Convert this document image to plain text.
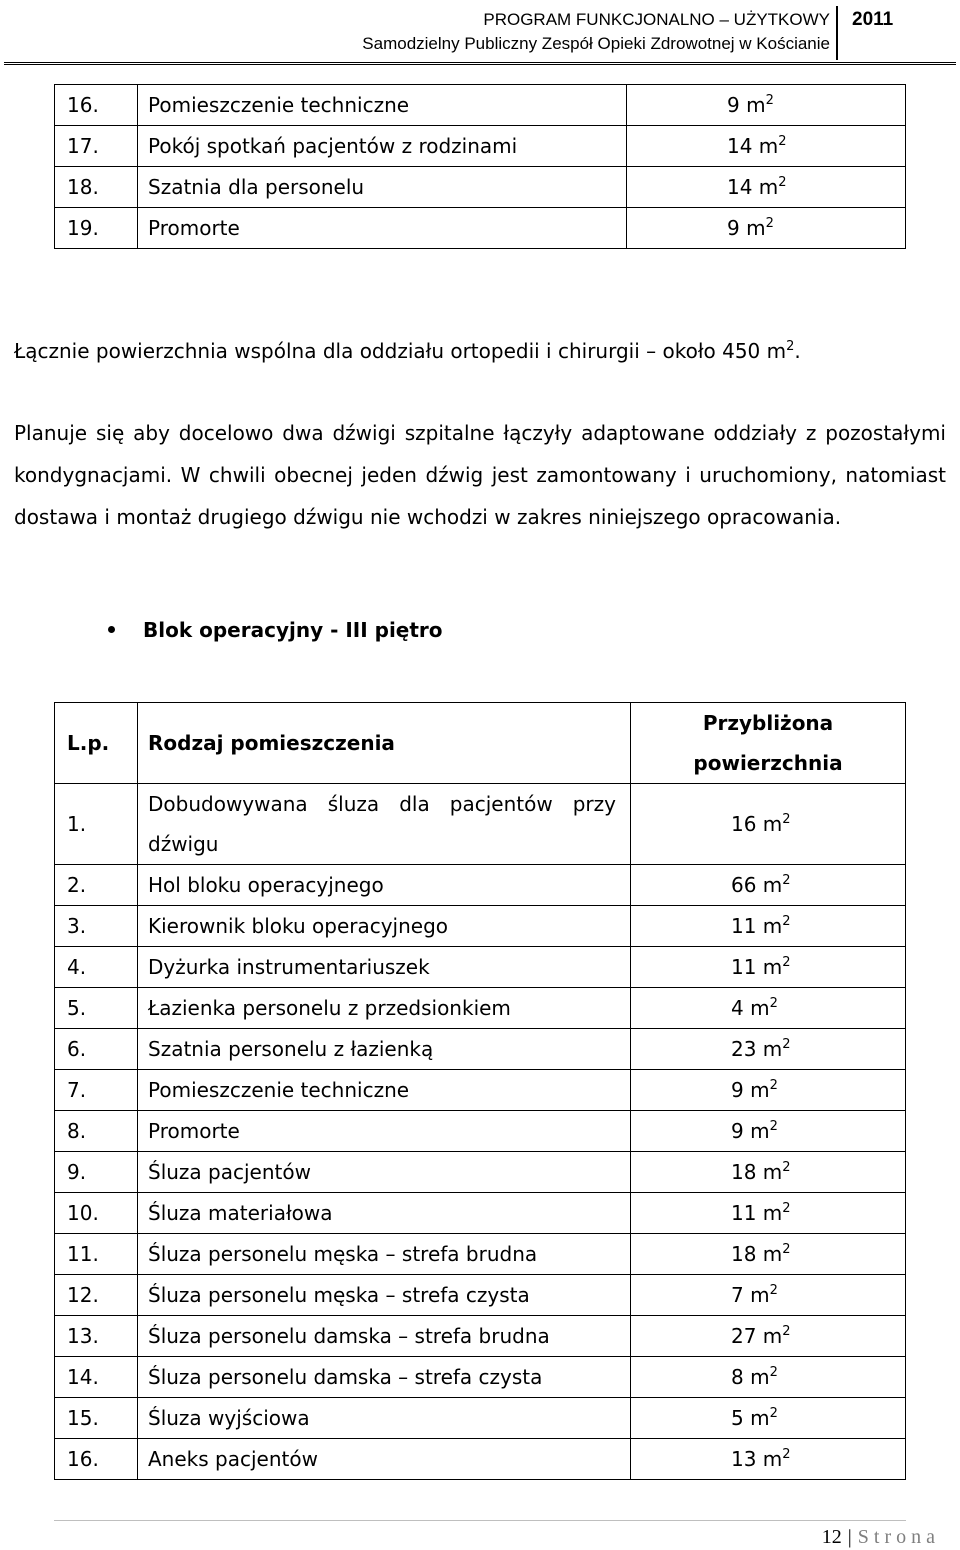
PROGRAM FUNKCJONALNO – UŻYTKOWY
Samodzielny Publiczny Zespół Opieki Zdrowotnej w Kościanie
2011
16.	Pomieszczenie techniczne	9 $m^2$
17.	Pokój spotkań pacjentów z rodzinami	14 $m^2$
18.	Szatnia dla personelu	14 $m^2$
19.	Promorte	9 $m^2$
Łącznie powierzchnia wspólna dla oddziału ortopedii i chirurgii – około 450 $m^2$.
Planuje się aby docelowo dwa dźwigi szpitalne łączyły adaptowane oddziały z pozostałymi kondygnacjami. W chwili obecnej jeden dźwig jest zamontowany i uruchomiony, natomiast dostawa i montaż drugiego dźwigu nie wchodzi w zakres niniejszego opracowania.
Blok operacyjny - III piętro
L.p.	Rodzaj pomieszczenia	Przybliżona
powierzchnia

1.	Dobudowywana śluza dla pacjentów przy dźwigu	16 $m^2$
2.	Hol bloku operacyjnego	66 $m^2$
3.	Kierownik bloku operacyjnego	11 $m^2$
4.	Dyżurka instrumentariuszek	11 $m^2$
5.	Łazienka personelu z przedsionkiem	4 $m^2$
6.	Szatnia personelu z łazienką	23 $m^2$
7.	Pomieszczenie techniczne	9 $m^2$
8.	Promorte	9 $m^2$
9.	Śluza pacjentów	18 $m^2$
10.	Śluza materiałowa	11 $m^2$
11.	Śluza personelu męska – strefa brudna	18 $m^2$
12.	Śluza personelu męska – strefa czysta	7 $m^2$
13.	Śluza personelu damska – strefa brudna	27 $m^2$
14.	Śluza personelu damska – strefa czysta	8 $m^2$
15.	Śluza wyjściowa	5 $m^2$
16.	Aneks pacjentów	13 $m^2$
12 | Strona
